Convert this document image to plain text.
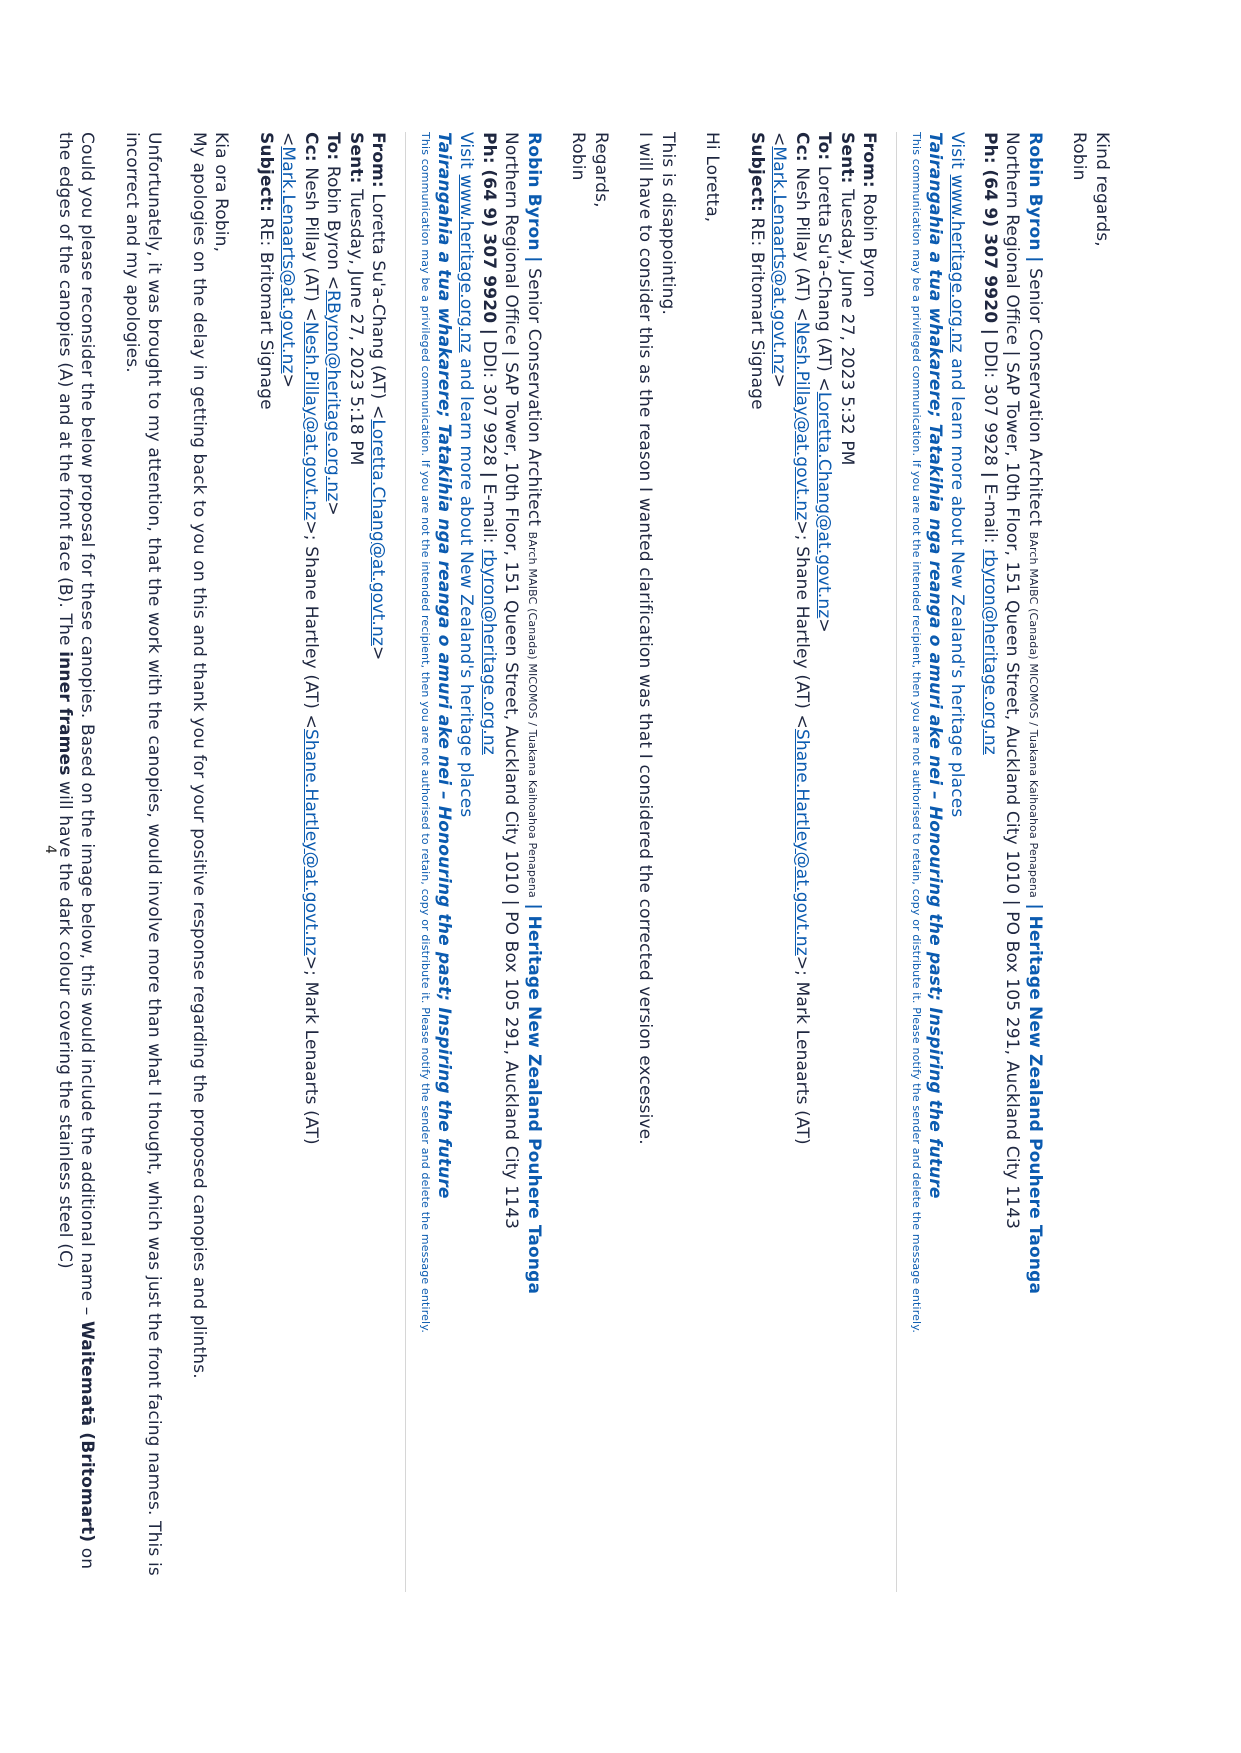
Kind regards,

Robin

Robin Byron | Senior Conservation Architect BArch MAIBC (Canada) MICOMOS / Tuakana Kaihoahoa Penapena | Heritage New Zealand Pouhere Taonga

Northern Regional Office | SAP Tower, 10th Floor, 151 Queen Street, Auckland City 1010 | PO Box 105 291, Auckland City 1143

Ph: (64 9) 307 9920 | DDI: 307 9928 | E-mail: rbyron@heritage.org.nz

Visit www.heritage.org.nz and learn more about New Zealand's heritage places

Tairangahia a tua whakarere; Tatakihia nga reanga o amuri ake nei – Honouring the past; Inspiring the future

This communication may be a privileged communication. If you are not the intended recipient, then you are not authorised to retain, copy or distribute it. Please notify the sender and delete the message entirely.

From: Robin Byron

Sent: Tuesday, June 27, 2023 5:32 PM

To: Loretta Su'a-Chang (AT) <Loretta.Chang@at.govt.nz>

Cc: Nesh Pillay (AT) <Nesh.Pillay@at.govt.nz>; Shane Hartley (AT) <Shane.Hartley@at.govt.nz>; Mark Lenaarts (AT)

<Mark.Lenaarts@at.govt.nz>

Subject: RE: Britomart Signage

Hi Loretta,

This is disappointing.

I will have to consider this as the reason I wanted clarification was that I considered the corrected version excessive.

Regards,

Robin

Robin Byron | Senior Conservation Architect BArch MAIBC (Canada) MICOMOS / Tuakana Kaihoahoa Penapena | Heritage New Zealand Pouhere Taonga

Northern Regional Office | SAP Tower, 10th Floor, 151 Queen Street, Auckland City 1010 | PO Box 105 291, Auckland City 1143

Ph: (64 9) 307 9920 | DDI: 307 9928 | E-mail: rbyron@heritage.org.nz

Visit www.heritage.org.nz and learn more about New Zealand's heritage places

Tairangahia a tua whakarere; Tatakihia nga reanga o amuri ake nei – Honouring the past; Inspiring the future

This communication may be a privileged communication. If you are not the intended recipient, then you are not authorised to retain, copy or distribute it. Please notify the sender and delete the message entirely.

From: Loretta Su'a-Chang (AT) <Loretta.Chang@at.govt.nz>

Sent: Tuesday, June 27, 2023 5:18 PM

To: Robin Byron <RByron@heritage.org.nz>

Cc: Nesh Pillay (AT) <Nesh.Pillay@at.govt.nz>; Shane Hartley (AT) <Shane.Hartley@at.govt.nz>; Mark Lenaarts (AT)

<Mark.Lenaarts@at.govt.nz>

Subject: RE: Britomart Signage

Kia ora Robin,

My apologies on the delay in getting back to you on this and thank you for your positive response regarding the proposed canopies and plinths.

Unfortunately, it was brought to my attention, that the work with the canopies, would involve more than what I thought, which was just the front facing names. This is incorrect and my apologies.

Could you please reconsider the below proposal for these canopies. Based on the image below, this would include the additional name – Waitematā (Britomart) on the edges of the canopies (A) and at the front face (B). The inner frames will have the dark colour covering the stainless steel (C)

4
